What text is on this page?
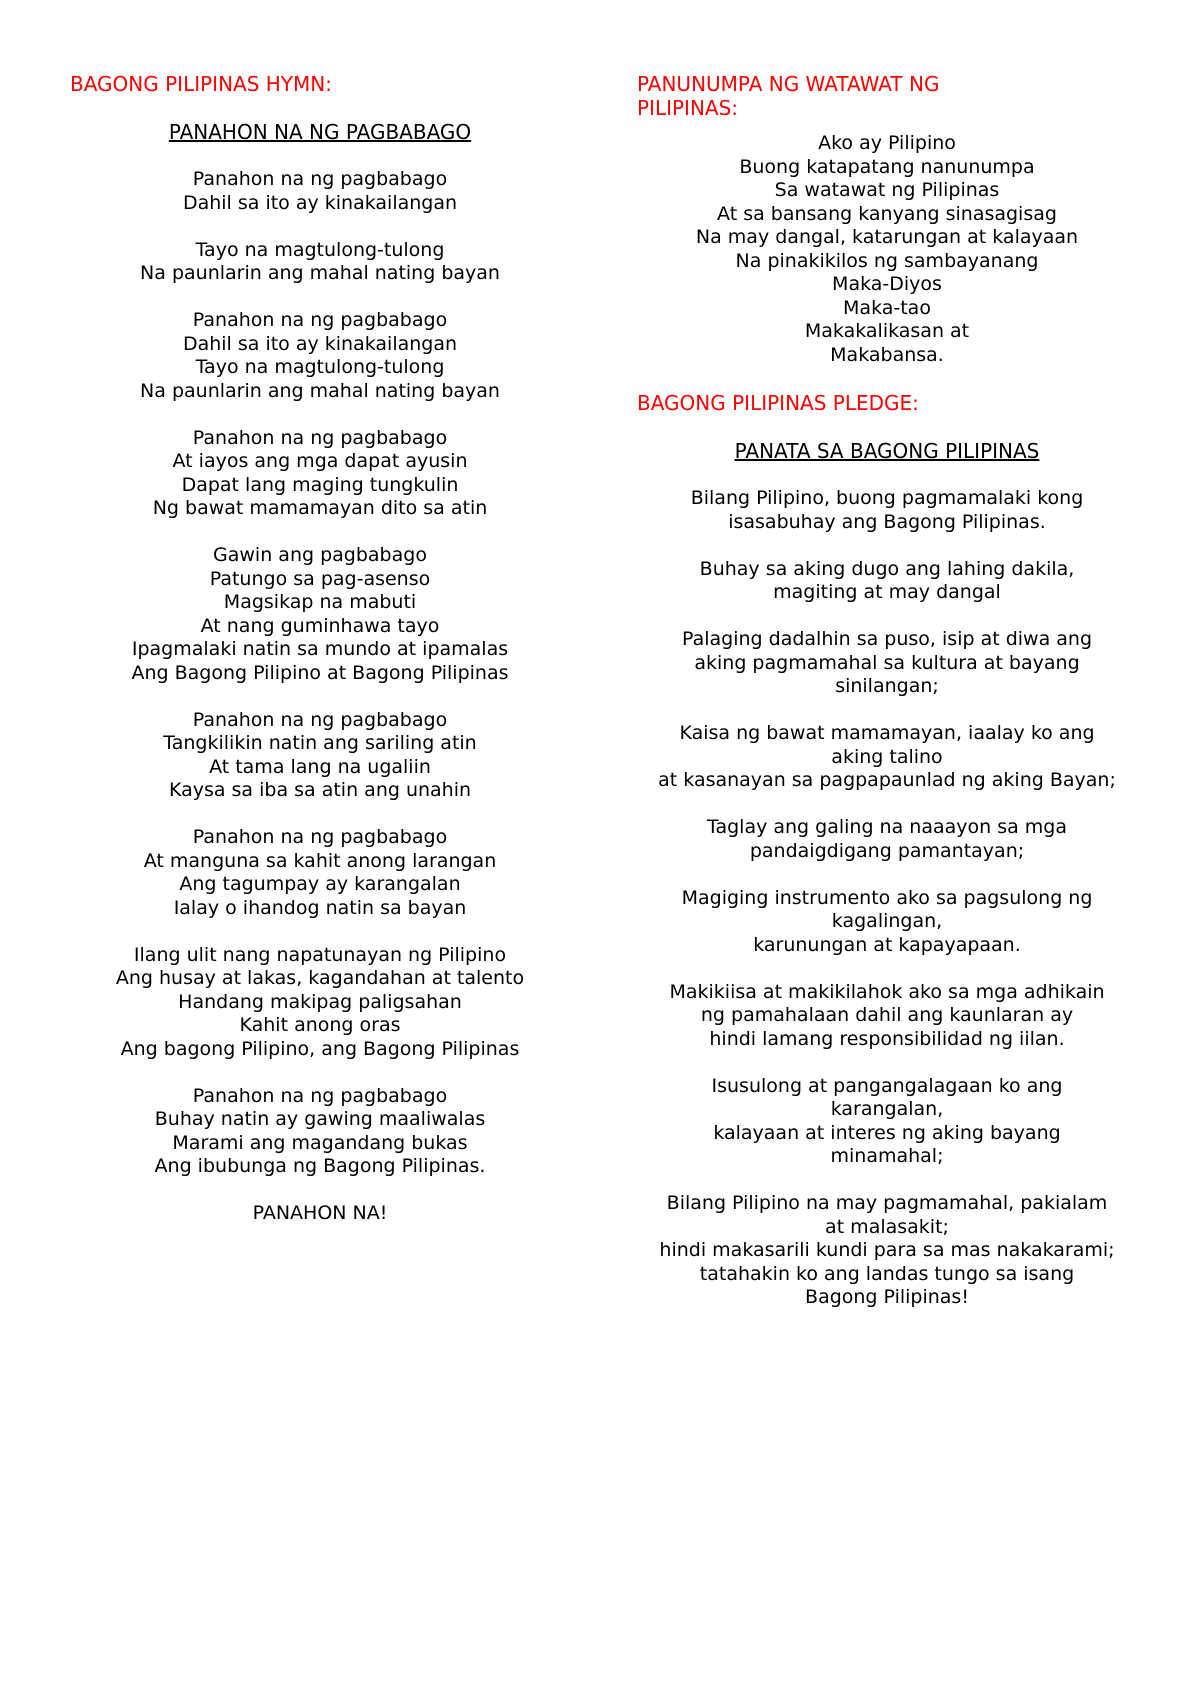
BAGONG PILIPINAS HYMN:
PANAHON NA NG PAGBABAGO
Panahon na ng pagbabago
Dahil sa ito ay kinakailangan
Tayo na magtulong-tulong
Na paunlarin ang mahal nating bayan
Panahon na ng pagbabago
Dahil sa ito ay kinakailangan
Tayo na magtulong-tulong
Na paunlarin ang mahal nating bayan
Panahon na ng pagbabago
At iayos ang mga dapat ayusin
Dapat lang maging tungkulin
Ng bawat mamamayan dito sa atin
Gawin ang pagbabago
Patungo sa pag-asenso
Magsikap na mabuti
At nang guminhawa tayo
Ipagmalaki natin sa mundo at ipamalas
Ang Bagong Pilipino at Bagong Pilipinas
Panahon na ng pagbabago
Tangkilikin natin ang sariling atin
At tama lang na ugaliin
Kaysa sa iba sa atin ang unahin
Panahon na ng pagbabago
At manguna sa kahit anong larangan
Ang tagumpay ay karangalan
Ialay o ihandog natin sa bayan
Ilang ulit nang napatunayan ng Pilipino
Ang husay at lakas, kagandahan at talento
Handang makipag paligsahan
Kahit anong oras
Ang bagong Pilipino, ang Bagong Pilipinas
Panahon na ng pagbabago
Buhay natin ay gawing maaliwalas
Marami ang magandang bukas
Ang ibubunga ng Bagong Pilipinas.
PANAHON NA!
PANUNUMPA NG WATAWAT NG
PILIPINAS:
Ako ay Pilipino
Buong katapatang nanunumpa
Sa watawat ng Pilipinas
At sa bansang kanyang sinasagisag
Na may dangal, katarungan at kalayaan
Na pinakikilos ng sambayanang
Maka-Diyos
Maka-tao
Makakalikasan at
Makabansa.
BAGONG PILIPINAS PLEDGE:
PANATA SA BAGONG PILIPINAS
Bilang Pilipino, buong pagmamalaki kong
isasabuhay ang Bagong Pilipinas.
Buhay sa aking dugo ang lahing dakila,
magiting at may dangal
Palaging dadalhin sa puso, isip at diwa ang
aking pagmamahal sa kultura at bayang
sinilangan;
Kaisa ng bawat mamamayan, iaalay ko ang
aking talino
at kasanayan sa pagpapaunlad ng aking Bayan;
Taglay ang galing na naaayon sa mga
pandaigdigang pamantayan;
Magiging instrumento ako sa pagsulong ng
kagalingan,
karunungan at kapayapaan.
Makikiisa at makikilahok ako sa mga adhikain
ng pamahalaan dahil ang kaunlaran ay
hindi lamang responsibilidad ng iilan.
Isusulong at pangangalagaan ko ang
karangalan,
kalayaan at interes ng aking bayang
minamahal;
Bilang Pilipino na may pagmamahal, pakialam
at malasakit;
hindi makasarili kundi para sa mas nakakarami;
tatahakin ko ang landas tungo sa isang
Bagong Pilipinas!
